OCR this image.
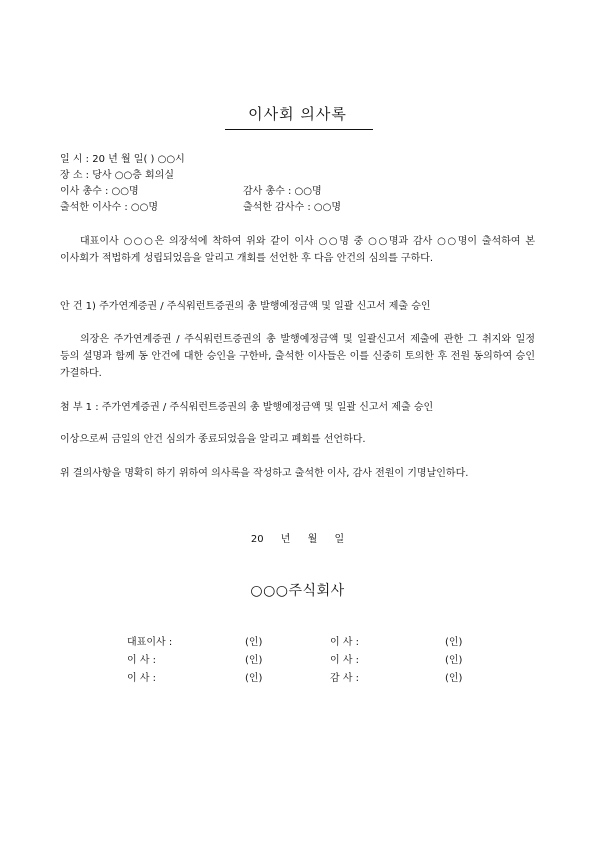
이사회 의사록
일 시 : 20 년 월 일( ) ○○시
장 소 : 당사 ○○층 회의실
이사 총수 : ○○명	감사 총수 : ○○명
출석한 이사수 : ○○명	출석한 감사수 : ○○명
대표이사 ○○○은 의장석에 착하여 위와 같이 이사 ○○명 중 ○○명과 감사 ○○명이 출석하여 본 이사회가 적법하게 성립되었음을 알리고 개회를 선언한 후 다음 안건의 심의를 구하다.
안 건 1) 주가연계증권 / 주식워런트증권의 총 발행예정금액 및 일괄 신고서 제출 승인
의장은 주가연계증권 / 주식워런트증권의 총 발행예정금액 및 일괄신고서 제출에 관한 그 취지와 일정 등의 설명과 함께 동 안건에 대한 승인을 구한바, 출석한 이사들은 이를 신중히 토의한 후 전원 동의하여 승인 가결하다.
첨 부 1 : 주가연계증권 / 주식워런트증권의 총 발행예정금액 및 일괄 신고서 제출 승인
이상으로써 금일의 안건 심의가 종료되었음을 알리고 폐회를 선언하다.
위 결의사항을 명확히 하기 위하여 의사록을 작성하고 출석한 이사, 감사 전원이 기명날인하다.
20 년 월 일
○○○주식회사
대표이사 :	(인)	이 사 :	(인)
이 사 :	(인)	이 사 :	(인)
이 사 :	(인)	감 사 :	(인)
